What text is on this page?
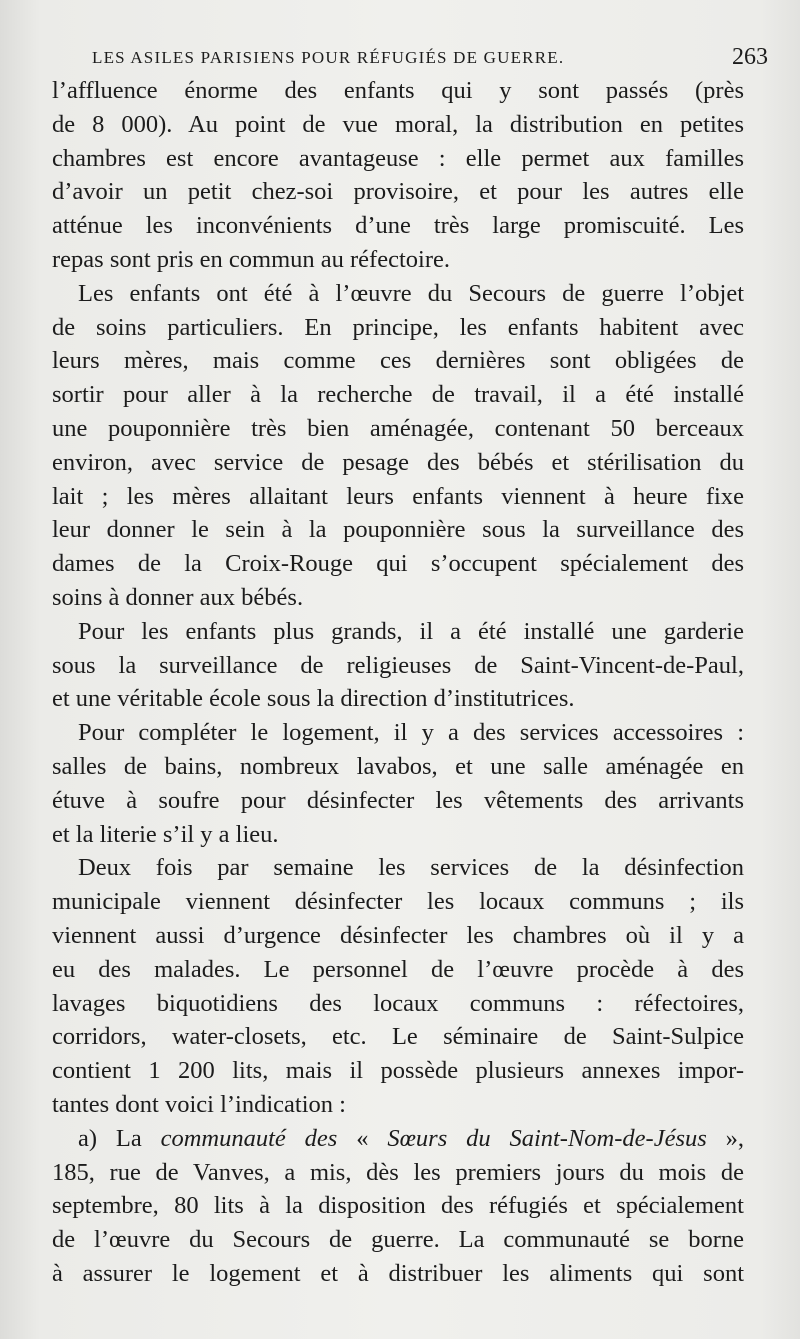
LES ASILES PARISIENS POUR RÉFUGIÉS DE GUERRE.	263
l’affluence énorme des enfants qui y sont passés (près
de 8 000). Au point de vue moral, la distribution en petites
chambres est encore avantageuse : elle permet aux familles
d’avoir un petit chez-soi provisoire, et pour les autres elle
atténue les inconvénients d’une très large promiscuité. Les
repas sont pris en commun au réfectoire.
Les enfants ont été à l’œuvre du Secours de guerre l’objet
de soins particuliers. En principe, les enfants habitent avec
leurs mères, mais comme ces dernières sont obligées de
sortir pour aller à la recherche de travail, il a été installé
une pouponnière très bien aménagée, contenant 50 berceaux
environ, avec service de pesage des bébés et stérilisation du
lait ; les mères allaitant leurs enfants viennent à heure fixe
leur donner le sein à la pouponnière sous la surveillance des
dames de la Croix-Rouge qui s’occupent spécialement des
soins à donner aux bébés.
Pour les enfants plus grands, il a été installé une garderie
sous la surveillance de religieuses de Saint-Vincent-de-Paul,
et une véritable école sous la direction d’institutrices.
Pour compléter le logement, il y a des services accessoires :
salles de bains, nombreux lavabos, et une salle aménagée en
étuve à soufre pour désinfecter les vêtements des arrivants
et la literie s’il y a lieu.
Deux fois par semaine les services de la désinfection
municipale viennent désinfecter les locaux communs ; ils
viennent aussi d’urgence désinfecter les chambres où il y a
eu des malades. Le personnel de l’œuvre procède à des
lavages biquotidiens des locaux communs : réfectoires,
corridors, water-closets, etc. Le séminaire de Saint-Sulpice
contient 1 200 lits, mais il possède plusieurs annexes impor-
tantes dont voici l’indication :
a) La communauté des « Sœurs du Saint-Nom-de-Jésus »,
185, rue de Vanves, a mis, dès les premiers jours du mois de
septembre, 80 lits à la disposition des réfugiés et spécialement
de l’œuvre du Secours de guerre. La communauté se borne
à assurer le logement et à distribuer les aliments qui sont
